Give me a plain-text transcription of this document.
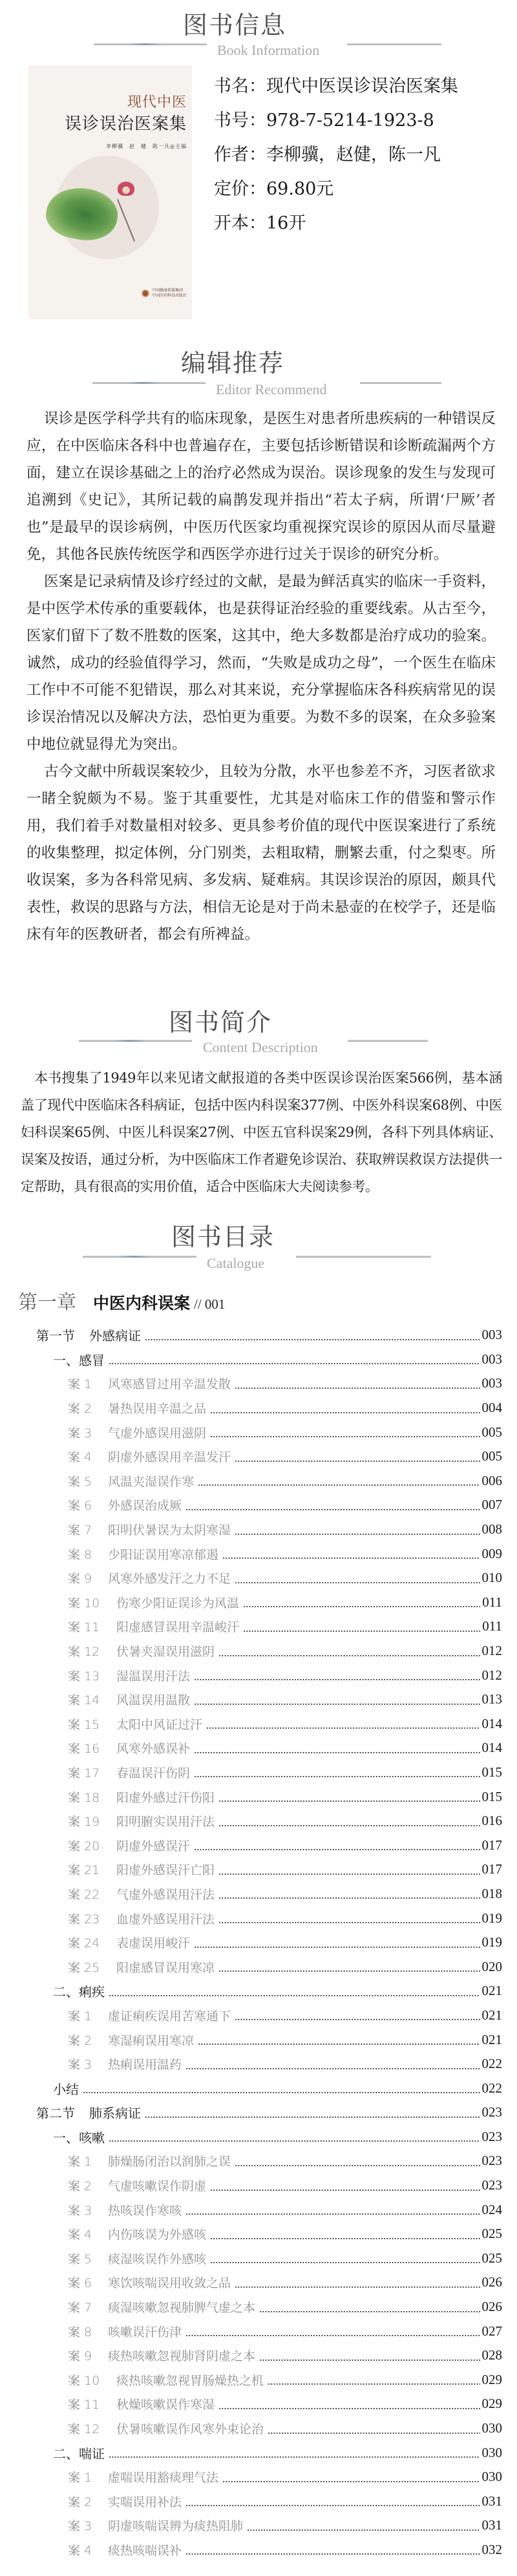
图书信息
Book Information
现代中医
误诊误治医案集
李柳骥　赵　健　陈一凡◎主编
中国健康传媒集团
中国医药科技出版社
书名：现代中医误诊误治医案集
书号：978-7-5214-1923-8
作者：李柳骥，赵健，陈一凡
定价：69.80元
开本：16开
编辑推荐
Editor Recommend

误诊是医学科学共有的临床现象，是医生对患者所患疾病的一种错误反应，在中医临床各科中也普遍存在，主要包括诊断错误和诊断疏漏两个方面，建立在误诊基础之上的治疗必然成为误治。误诊现象的发生与发现可追溯到《史记》，其所记载的扁鹊发现并指出“若太子病，所谓‘尸厥’者也”是最早的误诊病例，中医历代医家均重视探究误诊的原因从而尽量避免，其他各民族传统医学和西医学亦进行过关于误诊的研究分析。

医案是记录病情及诊疗经过的文献，是最为鲜活真实的临床一手资料，是中医学术传承的重要载体，也是获得证治经验的重要线索。从古至今，医家们留下了数不胜数的医案，这其中，绝大多数都是治疗成功的验案。诚然，成功的经验值得学习，然而，“失败是成功之母”，一个医生在临床工作中不可能不犯错误，那么对其来说，充分掌握临床各科疾病常见的误诊误治情况以及解决方法，恐怕更为重要。为数不多的误案，在众多验案中地位就显得尤为突出。

古今文献中所载误案较少，且较为分散，水平也参差不齐，习医者欲求一睹全貌颇为不易。鉴于其重要性，尤其是对临床工作的借鉴和警示作用，我们着手对数量相对较多、更具参考价值的现代中医误案进行了系统的收集整理，拟定体例，分门别类，去粗取精，删繁去重，付之梨枣。所收误案，多为各科常见病、多发病、疑难病。其误诊误治的原因，颇具代表性，救误的思路与方法，相信无论是对于尚未悬壶的在校学子，还是临床有年的医教研者，都会有所裨益。

图书简介
Content Description

本书搜集了1949年以来见诸文献报道的各类中医误诊误治医案566例，基本涵盖了现代中医临床各科病证，包括中医内科误案377例、中医外科误案68例、中医妇科误案65例、中医儿科误案27例、中医五官科误案29例，各科下列具体病证、误案及按语，通过分析，为中医临床工作者避免诊误治、获取辨误救误方法提供一定帮助，具有很高的实用价值，适合中医临床大夫阅读参考。

图书目录
Catalogue
第一章 中医内科误案 // 001
第一节 外感病证	003
一、感冒	003
案 1	风寒感冒过用辛温发散	003
案 2	暑热误用辛温之品	004
案 3	气虚外感误用滋阴	005
案 4	阴虚外感误用辛温发汗	005
案 5	风温夹湿误作寒	006
案 6	外感误治成厥	007
案 7	阳明伏暑误为太阴寒湿	008
案 8	少阳证误用寒凉郁遏	009
案 9	风寒外感发汗之力不足	010
案 10	伤寒少阳证误诊为风温	011
案 11	阳虚感冒误用辛温峻汗	011
案 12	伏暑夹湿误用滋阴	012
案 13	湿温误用汗法	012
案 14	风温误用温散	013
案 15	太阳中风证过汗	014
案 16	风寒外感误补	014
案 17	春温误汗伤阴	015
案 18	阳虚外感过汗伤阳	015
案 19	阳明腑实误用汗法	016
案 20	阴虚外感误汗	017
案 21	阳虚外感误汗亡阳	017
案 22	气虚外感误用汗法	018
案 23	血虚外感误用汗法	019
案 24	表虚误用峻汗	019
案 25	阳虚感冒误用寒凉	020
二、痢疾	021
案 1	虚证痢疾误用苦寒通下	021
案 2	寒湿痢误用寒凉	021
案 3	热痢误用温药	022
小结	022
第二节 肺系病证	023
一、咳嗽	023
案 1	肺燥肠闭治以润肺之误	023
案 2	气虚咳嗽误作阴虚	023
案 3	热咳误作寒咳	024
案 4	内伤咳误为外感咳	025
案 5	痰湿咳误作外感咳	025
案 6	寒饮咳喘误用收敛之品	026
案 7	痰湿咳嗽忽视肺脾气虚之本	026
案 8	咳嗽误汗伤津	027
案 9	痰热咳嗽忽视肺肾阴虚之本	028
案 10	痰热咳嗽忽视胃肠燥热之机	029
案 11	秋燥咳嗽误作寒湿	029
案 12	伏暑咳嗽误作风寒外束论治	030
二、喘证	030
案 1	虚喘误用豁痰理气法	030
案 2	实喘误用补法	031
案 3	阴虚咳喘误辨为痰热阻肺	031
案 4	痰热咳喘误补	032
